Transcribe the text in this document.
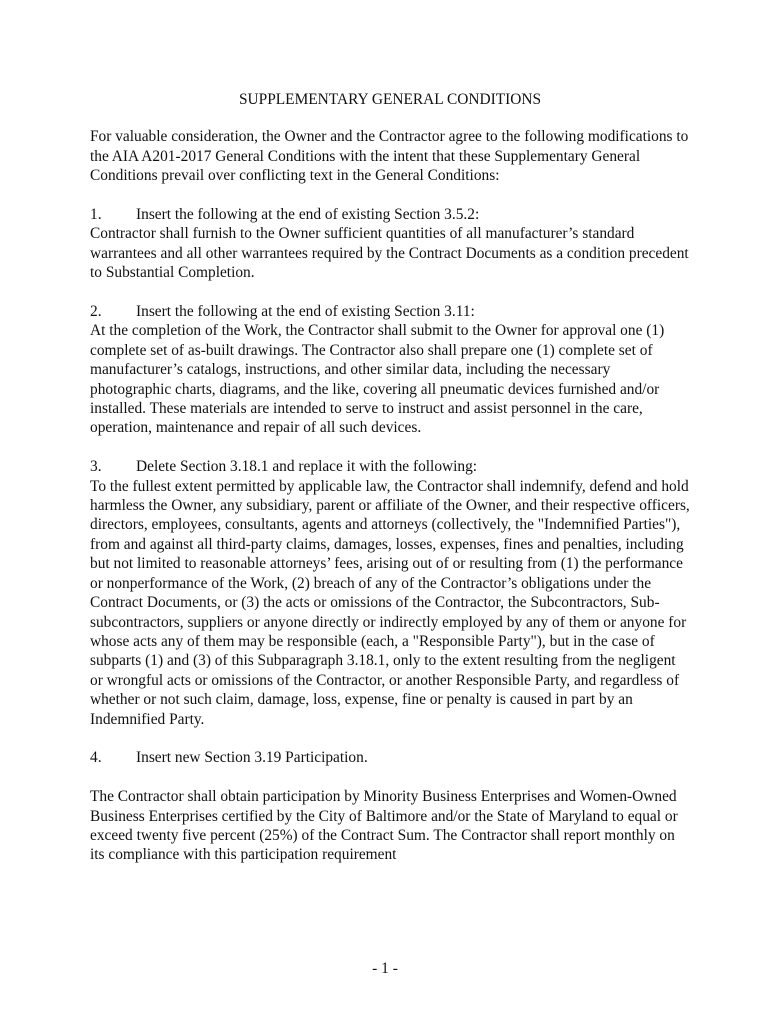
SUPPLEMENTARY GENERAL CONDITIONS

For valuable consideration, the Owner and the Contractor agree to the following modifications to the AIA A201-2017 General Conditions with the intent that these Supplementary General Conditions prevail over conflicting text in the General Conditions:

1. Insert the following at the end of existing Section 3.5.2:

Contractor shall furnish to the Owner sufficient quantities of all manufacturer’s standard warrantees and all other warrantees required by the Contract Documents as a condition precedent to Substantial Completion.

2. Insert the following at the end of existing Section 3.11:

At the completion of the Work, the Contractor shall submit to the Owner for approval one (1) complete set of as-built drawings. The Contractor also shall prepare one (1) complete set of manufacturer’s catalogs, instructions, and other similar data, including the necessary photographic charts, diagrams, and the like, covering all pneumatic devices furnished and/or installed. These materials are intended to serve to instruct and assist personnel in the care, operation, maintenance and repair of all such devices.

3. Delete Section 3.18.1 and replace it with the following:

To the fullest extent permitted by applicable law, the Contractor shall indemnify, defend and hold harmless the Owner, any subsidiary, parent or affiliate of the Owner, and their respective officers, directors, employees, consultants, agents and attorneys (collectively, the "Indemnified Parties"), from and against all third-party claims, damages, losses, expenses, fines and penalties, including but not limited to reasonable attorneys’ fees, arising out of or resulting from (1) the performance or nonperformance of the Work, (2) breach of any of the Contractor’s obligations under the Contract Documents, or (3) the acts or omissions of the Contractor, the Subcontractors, Sub-subcontractors, suppliers or anyone directly or indirectly employed by any of them or anyone for whose acts any of them may be responsible (each, a "Responsible Party"), but in the case of subparts (1) and (3) of this Subparagraph 3.18.1, only to the extent resulting from the negligent or wrongful acts or omissions of the Contractor, or another Responsible Party, and regardless of whether or not such claim, damage, loss, expense, fine or penalty is caused in part by an Indemnified Party.

4. Insert new Section 3.19 Participation.

The Contractor shall obtain participation by Minority Business Enterprises and Women-Owned Business Enterprises certified by the City of Baltimore and/or the State of Maryland to equal or exceed twenty five percent (25%) of the Contract Sum. The Contractor shall report monthly on its compliance with this participation requirement

- 1 -
